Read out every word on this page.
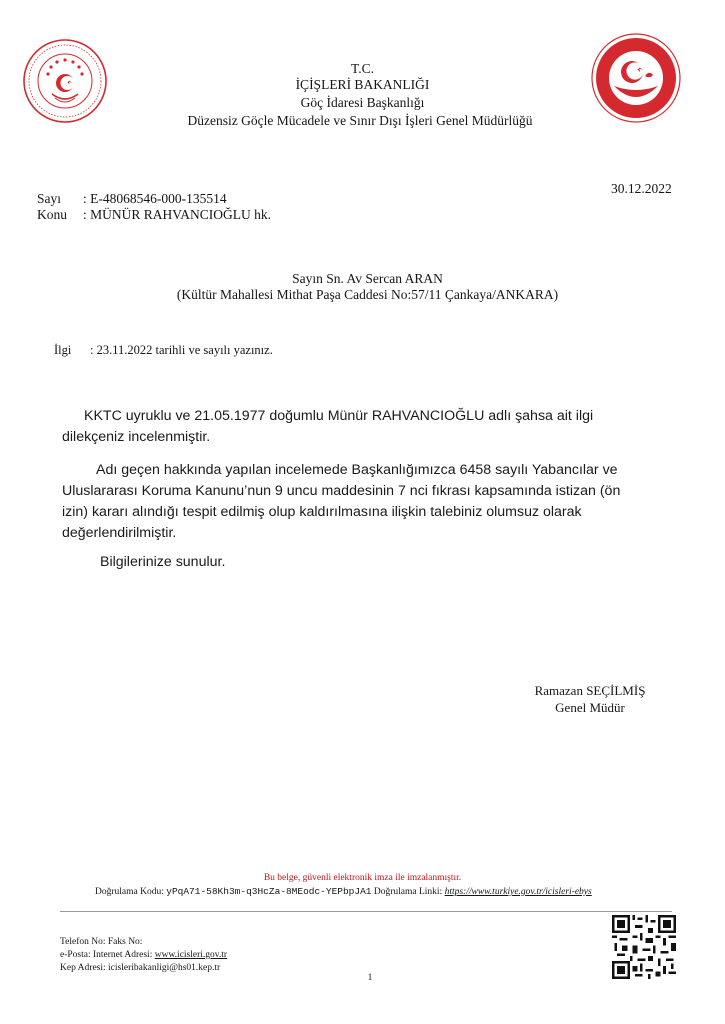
T.C.
İÇİŞLERİ BAKANLIĞI
Göç İdaresi Başkanlığı
Düzensiz Göçle Mücadele ve Sınır Dışı İşleri Genel Müdürlüğü
30.12.2022
Sayı : E-48068546-000-135514
Konu : MÜNÜR RAHVANCIOĞLU hk.
Sayın Sn. Av Sercan ARAN
(Kültür Mahallesi Mithat Paşa Caddesi No:57/11 Çankaya/ANKARA)
İlgi : 23.11.2022 tarihli ve sayılı yazınız.
KKTC uyruklu ve 21.05.1977 doğumlu Münür RAHVANCIOĞLU adlı şahsa ait ilgi
dilekçeniz incelenmiştir.
Adı geçen hakkında yapılan incelemede Başkanlığımızca 6458 sayılı Yabancılar ve
Uluslararası Koruma Kanunu’nun 9 uncu maddesinin 7 nci fıkrası kapsamında istizan (ön
izin) kararı alındığı tespit edilmiş olup kaldırılmasına ilişkin talebiniz olumsuz olarak
değerlendirilmiştir.
Bilgilerinize sunulur.
Ramazan SEÇİLMİŞ
Genel Müdür
Bu belge, güvenli elektronik imza ile imzalanmıştır.
Doğrulama Kodu: yPqA71-58Kh3m-q3HcZa-8MEodc-YEPbpJA1 Doğrulama Linki: https://www.turkiye.gov.tr/icisleri-ebys
Telefon No: Faks No:
e-Posta: Internet Adresi: www.icisleri.gov.tr
Kep Adresi: icisleribakanligi@hs01.kep.tr
1
